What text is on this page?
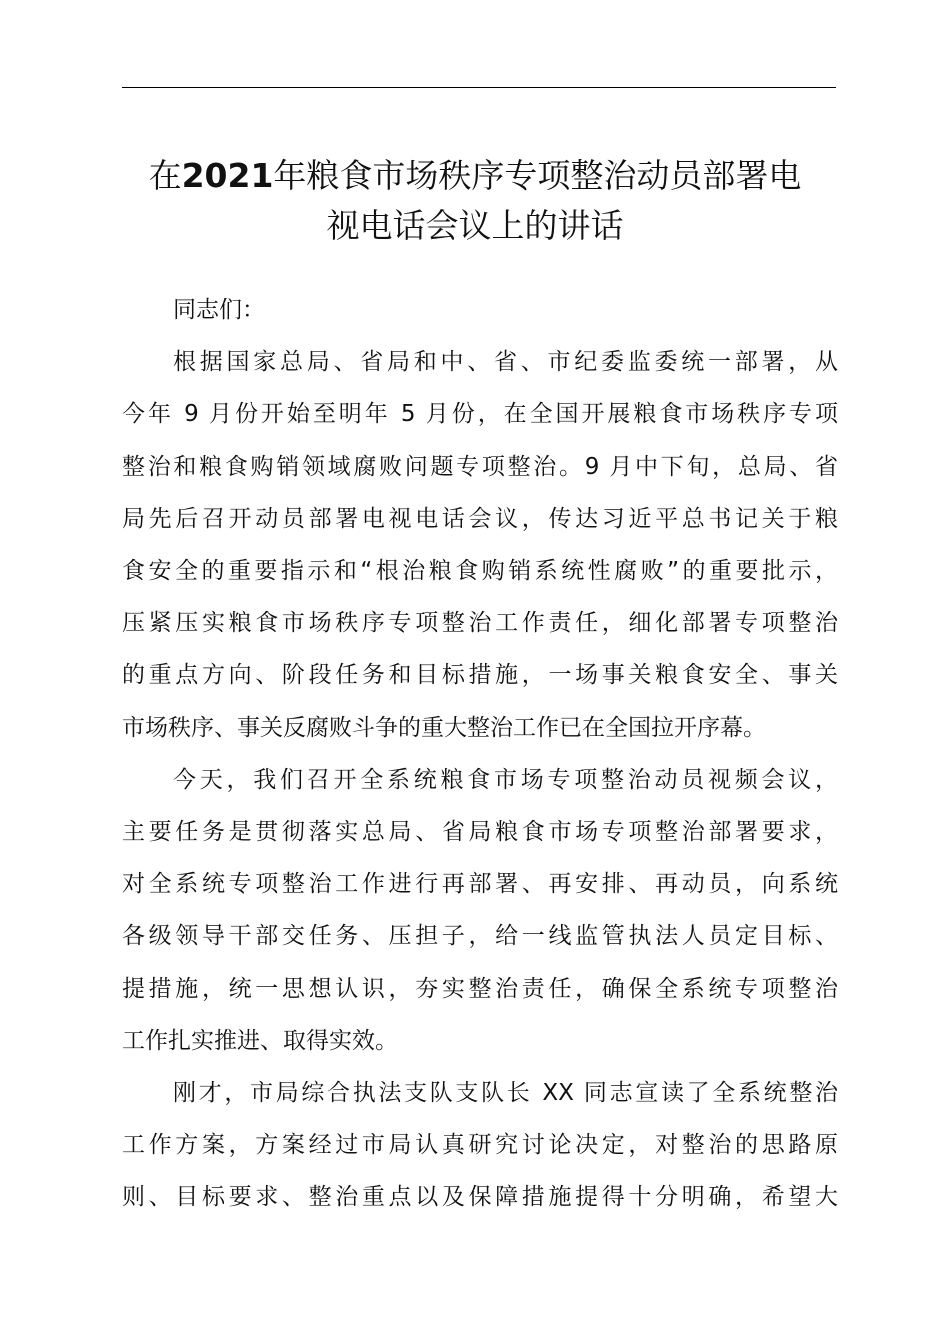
在2021年粮食市场秩序专项整治动员部署电
视电话会议上的讲话
同志们：

根据国家总局、省局和中、省、市纪委监委统一部署，从
今年 9 月份开始至明年 5 月份，在全国开展粮食市场秩序专项
整治和粮食购销领域腐败问题专项整治。9 月中下旬，总局、省
局先后召开动员部署电视电话会议，传达习近平总书记关于粮
食安全的重要指示和“根治粮食购销系统性腐败”的重要批示，
压紧压实粮食市场秩序专项整治工作责任，细化部署专项整治
的重点方向、阶段任务和目标措施，一场事关粮食安全、事关
市场秩序、事关反腐败斗争的重大整治工作已在全国拉开序幕。

今天，我们召开全系统粮食市场专项整治动员视频会议，
主要任务是贯彻落实总局、省局粮食市场专项整治部署要求，
对全系统专项整治工作进行再部署、再安排、再动员，向系统
各级领导干部交任务、压担子，给一线监管执法人员定目标、
提措施，统一思想认识，夯实整治责任，确保全系统专项整治
工作扎实推进、取得实效。

刚才，市局综合执法支队支队长 XX 同志宣读了全系统整治
工作方案，方案经过市局认真研究讨论决定，对整治的思路原
则、目标要求、整治重点以及保障措施提得十分明确，希望大
